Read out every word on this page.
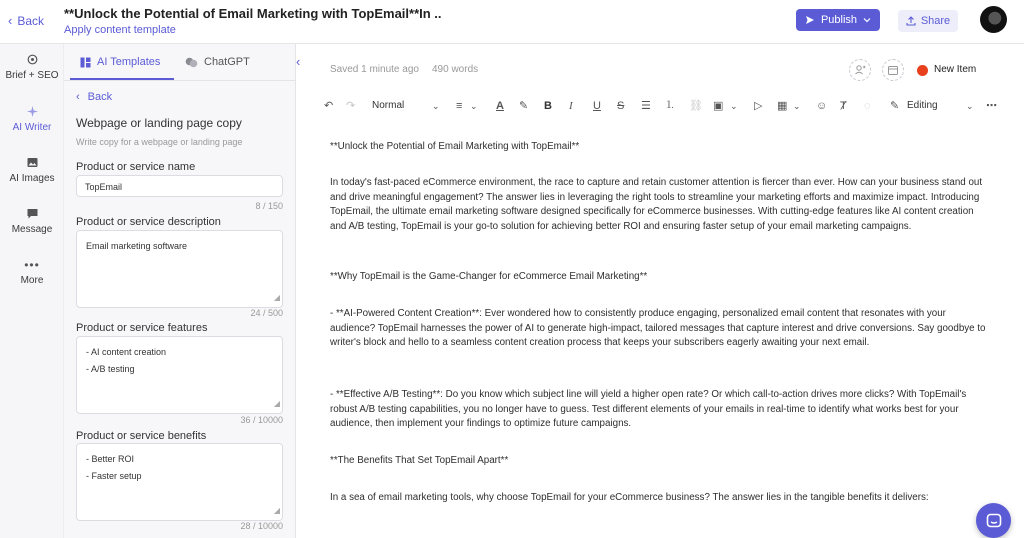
‹ Back **Unlock the Potential of Email Marketing with TopEmail**In ..
Apply content template
Publish	Share
Brief + SEO
AI Writer
AI Images
Message
•••
More
AI Templates	ChatGPT
‹ Back
Webpage or landing page copy
Write copy for a webpage or landing page
Product or service name
TopEmail
8 / 150
Product or service description
Email marketing software
◢
24 / 500
Product or service features
- AI content creation
- A/B testing
◢
36 / 10000
Product or service benefits
- Better ROI
- Faster setup
◢
28 / 10000
‹
Saved 1 minute ago 490 words	New Item
↶ ↷ Normal	⌄ ≡ ⌄ A ✎ B I U S ☰ ⒈ ⛓ ▣ ⌄ ▷ ▦ ⌄ ☺ Ⱦ ◌ ✎ Editing	⌄ ⋯

**Unlock the Potential of Email Marketing with TopEmail**

In today's fast-paced eCommerce environment, the race to capture and retain customer attention is fiercer than ever. How can your business stand out and drive meaningful engagement? The answer lies in leveraging the right tools to streamline your marketing efforts and maximize impact. Introducing TopEmail, the ultimate email marketing software designed specifically for eCommerce businesses. With cutting-edge features like AI content creation and A/B testing, TopEmail is your go-to solution for achieving better ROI and ensuring faster setup of your email marketing campaigns.

**Why TopEmail is the Game-Changer for eCommerce Email Marketing**

- **AI-Powered Content Creation**: Ever wondered how to consistently produce engaging, personalized email content that resonates with your audience? TopEmail harnesses the power of AI to generate high-impact, tailored messages that capture interest and drive conversions. Say goodbye to writer's block and hello to a seamless content creation process that keeps your subscribers eagerly awaiting your next email.

- **Effective A/B Testing**: Do you know which subject line will yield a higher open rate? Or which call-to-action drives more clicks? With TopEmail's robust A/B testing capabilities, you no longer have to guess. Test different elements of your emails in real-time to identify what works best for your audience, then implement your findings to optimize future campaigns.

**The Benefits That Set TopEmail Apart**

In a sea of email marketing tools, why choose TopEmail for your eCommerce business? The answer lies in the tangible benefits it delivers:
